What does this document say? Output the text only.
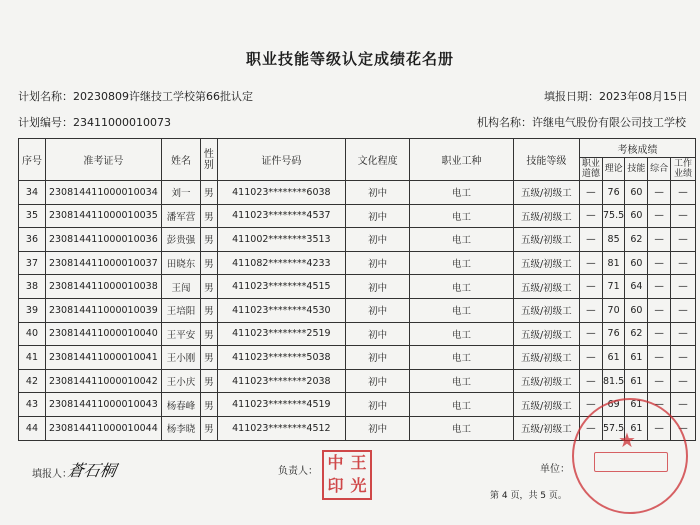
职业技能等级认定成绩花名册
计划名称：20230809许继技工学校第66批认定	填报日期：2023年08月15日
计划编号：23411000010073	机构名称：许继电气股份有限公司技工学校
序号	准考证号	姓名	性别	证件号码	文化程度	职业工种	技能等级	考核成绩				
								职业道德	理论	技能	综合	工作业绩
34	230814411000010034	刘一	男	411023********6038	初中	电工	五级/初级工	—	76	60	—	—
35	230814411000010035	潘军营	男	411023********4537	初中	电工	五级/初级工	—	75.5	60	—	—
36	230814411000010036	彭贵强	男	411002********3513	初中	电工	五级/初级工	—	85	62	—	—
37	230814411000010037	田晓东	男	411082********4233	初中	电工	五级/初级工	—	81	60	—	—
38	230814411000010038	王闯	男	411023********4515	初中	电工	五级/初级工	—	71	64	—	—
39	230814411000010039	王培阳	男	411023********4530	初中	电工	五级/初级工	—	70	60	—	—
40	230814411000010040	王平安	男	411023********2519	初中	电工	五级/初级工	—	76	62	—	—
41	230814411000010041	王小刚	男	411023********5038	初中	电工	五级/初级工	—	61	61	—	—
42	230814411000010042	王小庆	男	411023********2038	初中	电工	五级/初级工	—	81.5	61	—	—
43	230814411000010043	杨春峰	男	411023********4519	初中	电工	五级/初级工	—	69	61	—	—
44	230814411000010044	杨李晓	男	411023********4512	初中	电工	五级/初级工	—	57.5	61	—	—
填报人：
蒼石桐	负责人：	单位：
第 4 页，共 5 页。
中 王
印 光
★
